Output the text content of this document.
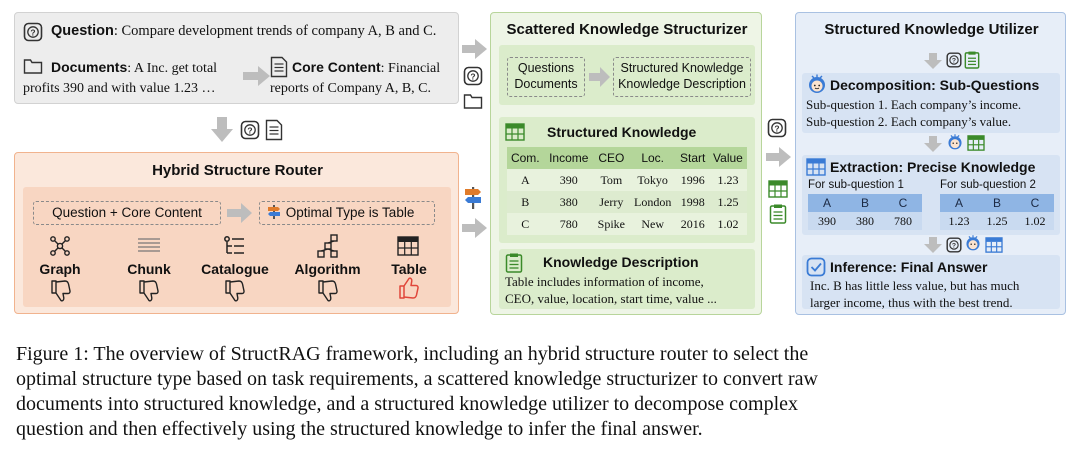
? Question: Compare development trends of company A, B and C.
Documents: A Inc. get total
profits 390 and with value 1.23 …
Core Content: Financial
reports of Company A, B, C.
?
?
Hybrid Structure Router
Question + Core Content	Optimal Type is Table
Graph	Chunk	Catalogue	Algorithm	Table
Scattered Knowledge Structurizer
Questions
Documents
Structured Knowledge
Knowledge Description
Structured Knowledge
Com.	Income	CEO	Loc.	Start	Value
A	390	Tom	Tokyo	1996	1.23
B	380	Jerry	London	1998	1.25
C	780	Spike	New	2016	1.02
Knowledge Description
Table includes information of income,
CEO, value, location, start time, value ...
?
Structured Knowledge Utilizer
?
Decomposition: Sub-Questions
Sub-question 1. Each company’s income.
Sub-question 2. Each company’s value.
Extraction: Precise Knowledge
For sub-question 1	For sub-question 2
A	B	C
390	380	780
A	B	C
1.23	1.25	1.02
?
Inference: Final Answer
Inc. B has little less value, but has much
larger income, thus with the best trend.
Figure 1: The overview of StructRAG framework, including an hybrid structure router to select the
optimal structure type based on task requirements, a scattered knowledge structurizer to convert raw
documents into structured knowledge, and a structured knowledge utilizer to decompose complex
question and then effectively using the structured knowledge to infer the final answer.
